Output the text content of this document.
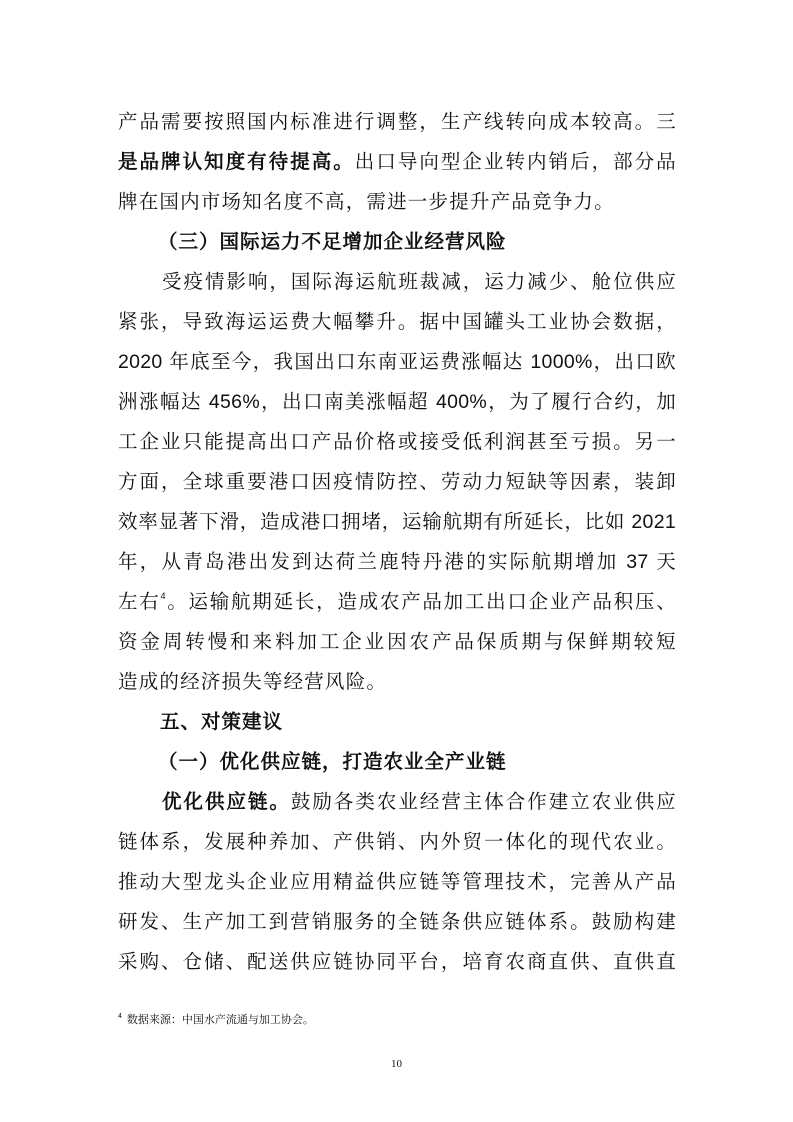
产品需要按照国内标准进行调整，生产线转向成本较高。三
是品牌认知度有待提高。出口导向型企业转内销后，部分品
牌在国内市场知名度不高，需进一步提升产品竞争力。
（三）国际运力不足增加企业经营风险
受疫情影响，国际海运航班裁减，运力减少、舱位供应
紧张，导致海运运费大幅攀升。据中国罐头工业协会数据，
2020 年底至今，我国出口东南亚运费涨幅达 1000%，出口欧
洲涨幅达 456%，出口南美涨幅超 400%，为了履行合约，加
工企业只能提高出口产品价格或接受低利润甚至亏损。另一
方面，全球重要港口因疫情防控、劳动力短缺等因素，装卸
效率显著下滑，造成港口拥堵，运输航期有所延长，比如 2021
年，从青岛港出发到达荷兰鹿特丹港的实际航期增加 37 天
左右$^4$。运输航期延长，造成农产品加工出口企业产品积压、
资金周转慢和来料加工企业因农产品保质期与保鲜期较短
造成的经济损失等经营风险。
五、对策建议
（一）优化供应链，打造农业全产业链
优化供应链。鼓励各类农业经营主体合作建立农业供应
链体系，发展种养加、产供销、内外贸一体化的现代农业。
推动大型龙头企业应用精益供应链等管理技术，完善从产品
研发、生产加工到营销服务的全链条供应链体系。鼓励构建
采购、仓储、配送供应链协同平台，培育农商直供、直供直
$^4$ 数据来源：中国水产流通与加工协会。
10
